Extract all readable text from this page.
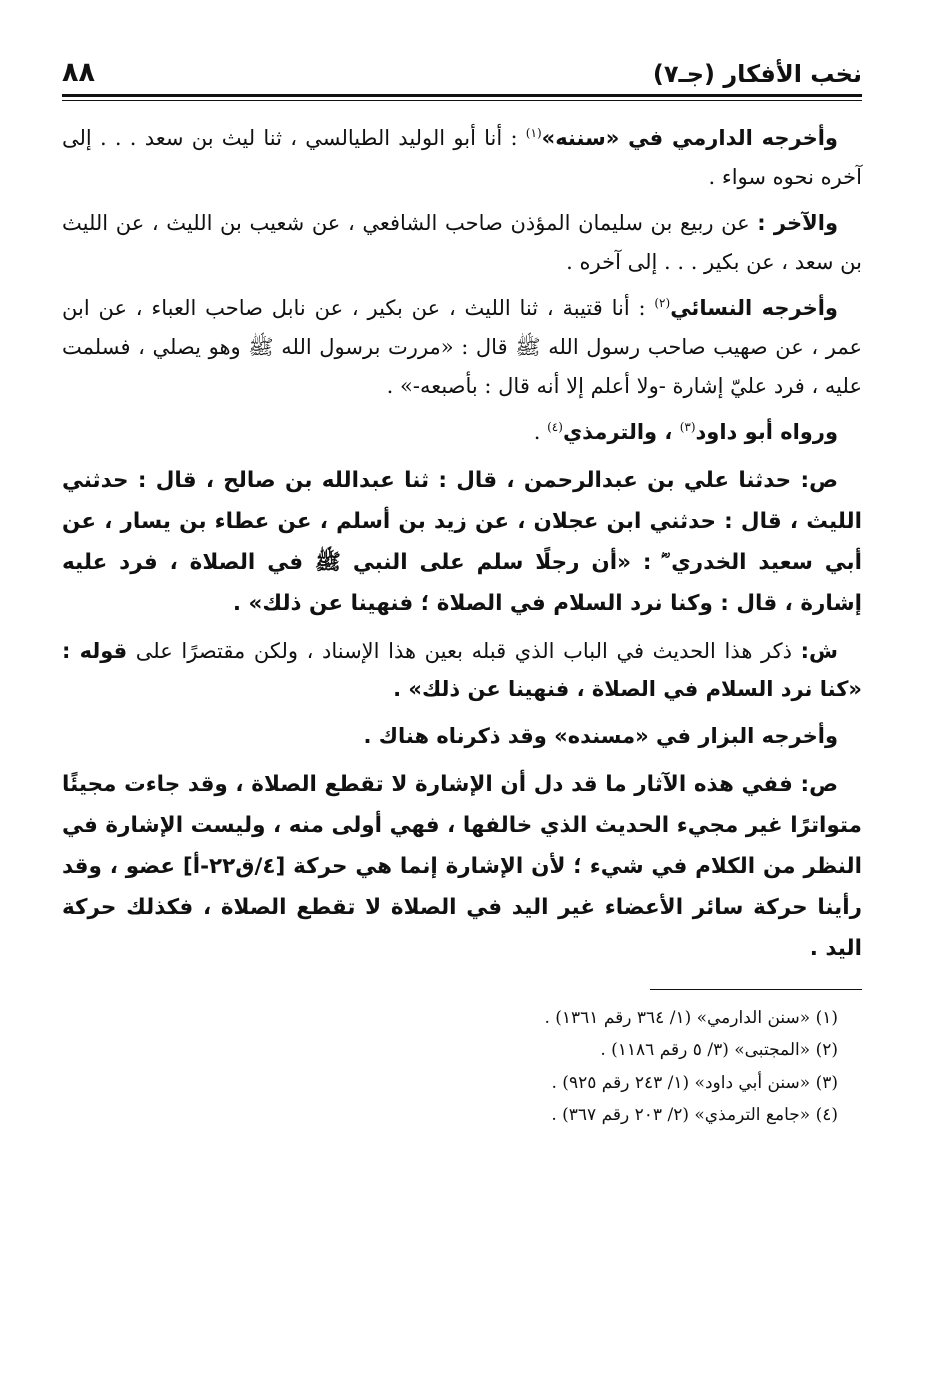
نخب الأفكار (جـ٧)
٨٨

وأخرجه الدارمي في «سننه»$^{(١)}$ : أنا أبو الوليد الطيالسي ، ثنا ليث بن سعد . . . إلى آخره نحوه سواء .

والآخر : عن ربيع بن سليمان المؤذن صاحب الشافعي ، عن شعيب بن الليث ، عن الليث بن سعد ، عن بكير . . . إلى آخره .

وأخرجه النسائي$^{(٢)}$ : أنا قتيبة ، ثنا الليث ، عن بكير ، عن نابل صاحب العباء ، عن ابن عمر ، عن صهيب صاحب رسول الله ﷺ قال : «مررت برسول الله ﷺ وهو يصلي ، فسلمت عليه ، فرد عليّ إشارة -ولا أعلم إلا أنه قال : بأصبعه-» .

ورواه أبو داود$^{(٣)}$ ، والترمذي$^{(٤)}$ .

ص: حدثنا علي بن عبدالرحمن ، قال : ثنا عبدالله بن صالح ، قال : حدثني الليث ، قال : حدثني ابن عجلان ، عن زيد بن أسلم ، عن عطاء بن يسار ، عن أبي سعيد الخدري ؓ : «أن رجلًا سلم على النبي ﷺ في الصلاة ، فرد عليه إشارة ، قال : وكنا نرد السلام في الصلاة ؛ فنهينا عن ذلك» .

ش: ذكر هذا الحديث في الباب الذي قبله بعين هذا الإسناد ، ولكن مقتصرًا على قوله : «كنا نرد السلام في الصلاة ، فنهينا عن ذلك» .

وأخرجه البزار في «مسنده» وقد ذكرناه هناك .

ص: ففي هذه الآثار ما قد دل أن الإشارة لا تقطع الصلاة ، وقد جاءت مجيئًا متواترًا غير مجيء الحديث الذي خالفها ، فهي أولى منه ، وليست الإشارة في النظر من الكلام في شيء ؛ لأن الإشارة إنما هي حركة [٤/ق٢٢-أ] عضو ، وقد رأينا حركة سائر الأعضاء غير اليد في الصلاة لا تقطع الصلاة ، فكذلك حركة اليد .

(١) «سنن الدارمي» (١/ ٣٦٤ رقم ١٣٦١) .

(٢) «المجتبى» (٣/ ٥ رقم ١١٨٦) .

(٣) «سنن أبي داود» (١/ ٢٤٣ رقم ٩٢٥) .

(٤) «جامع الترمذي» (٢/ ٢٠٣ رقم ٣٦٧) .
